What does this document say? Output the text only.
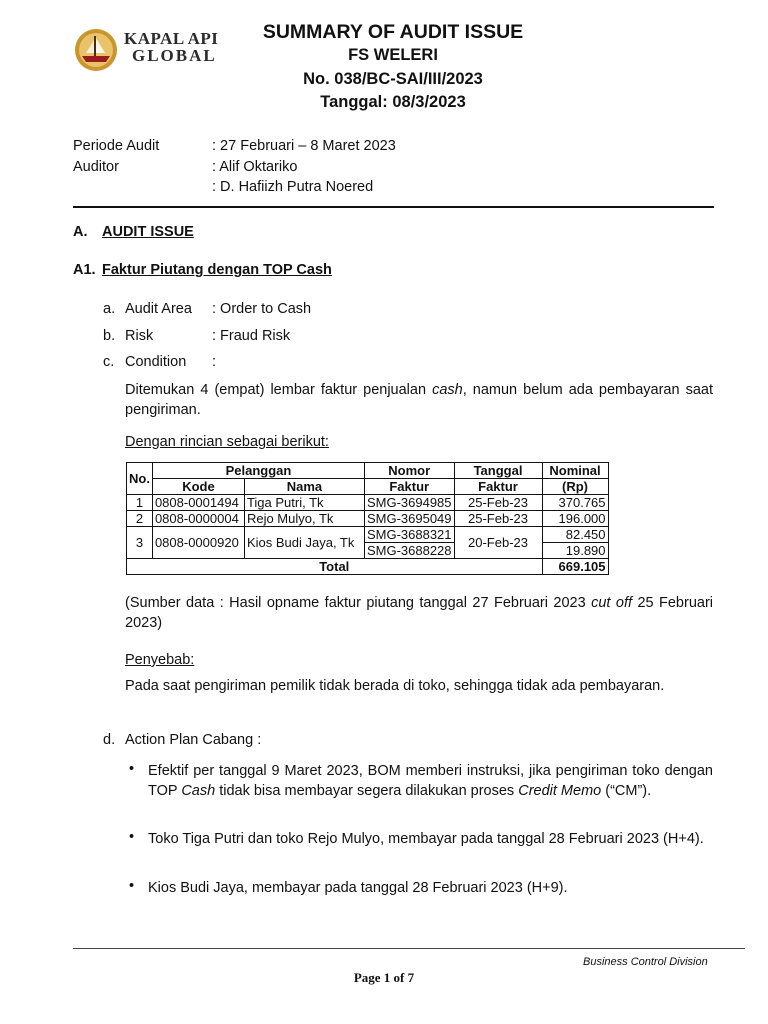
KAPAL API
GLOBAL
SUMMARY OF AUDIT ISSUE
FS WELERI
No. 038/BC-SAI/III/2023
Tanggal: 08/3/2023
Periode Audit	: 27 Februari – 8 Maret 2023
Auditor	: Alif Oktariko
: D. Hafiizh Putra Noered
A. AUDIT ISSUE
A1. Faktur Piutang dengan TOP Cash
a. Audit Area : Order to Cash
b. Risk	: Fraud Risk
c. Condition :
Ditemukan 4 (empat) lembar faktur penjualan cash, namun belum ada pembayaran saat pengiriman.
Dengan rincian sebagai berikut:
No.	Pelanggan		Nomor	Tanggal	Nominal
	Kode	Nama	Faktur	Faktur	(Rp)
1	0808-0001494	Tiga Putri, Tk	SMG-3694985	25-Feb-23	370.765
2	0808-0000004	Rejo Mulyo, Tk	SMG-3695049	25-Feb-23	196.000
3	0808-0000920	Kios Budi Jaya, Tk	SMG-3688321	20-Feb-23	82.450
			SMG-3688228		19.890
Total					669.105
(Sumber data : Hasil opname faktur piutang tanggal 27 Februari 2023 cut off 25 Februari 2023)
Penyebab:
Pada saat pengiriman pemilik tidak berada di toko, sehingga tidak ada pembayaran.
d. Action Plan Cabang :
• Efektif per tanggal 9 Maret 2023, BOM memberi instruksi, jika pengiriman toko dengan TOP Cash tidak bisa membayar segera dilakukan proses Credit Memo (“CM”).
• Toko Tiga Putri dan toko Rejo Mulyo, membayar pada tanggal 28 Februari 2023 (H+4).
• Kios Budi Jaya, membayar pada tanggal 28 Februari 2023 (H+9).
Business Control Division
Page 1 of 7
